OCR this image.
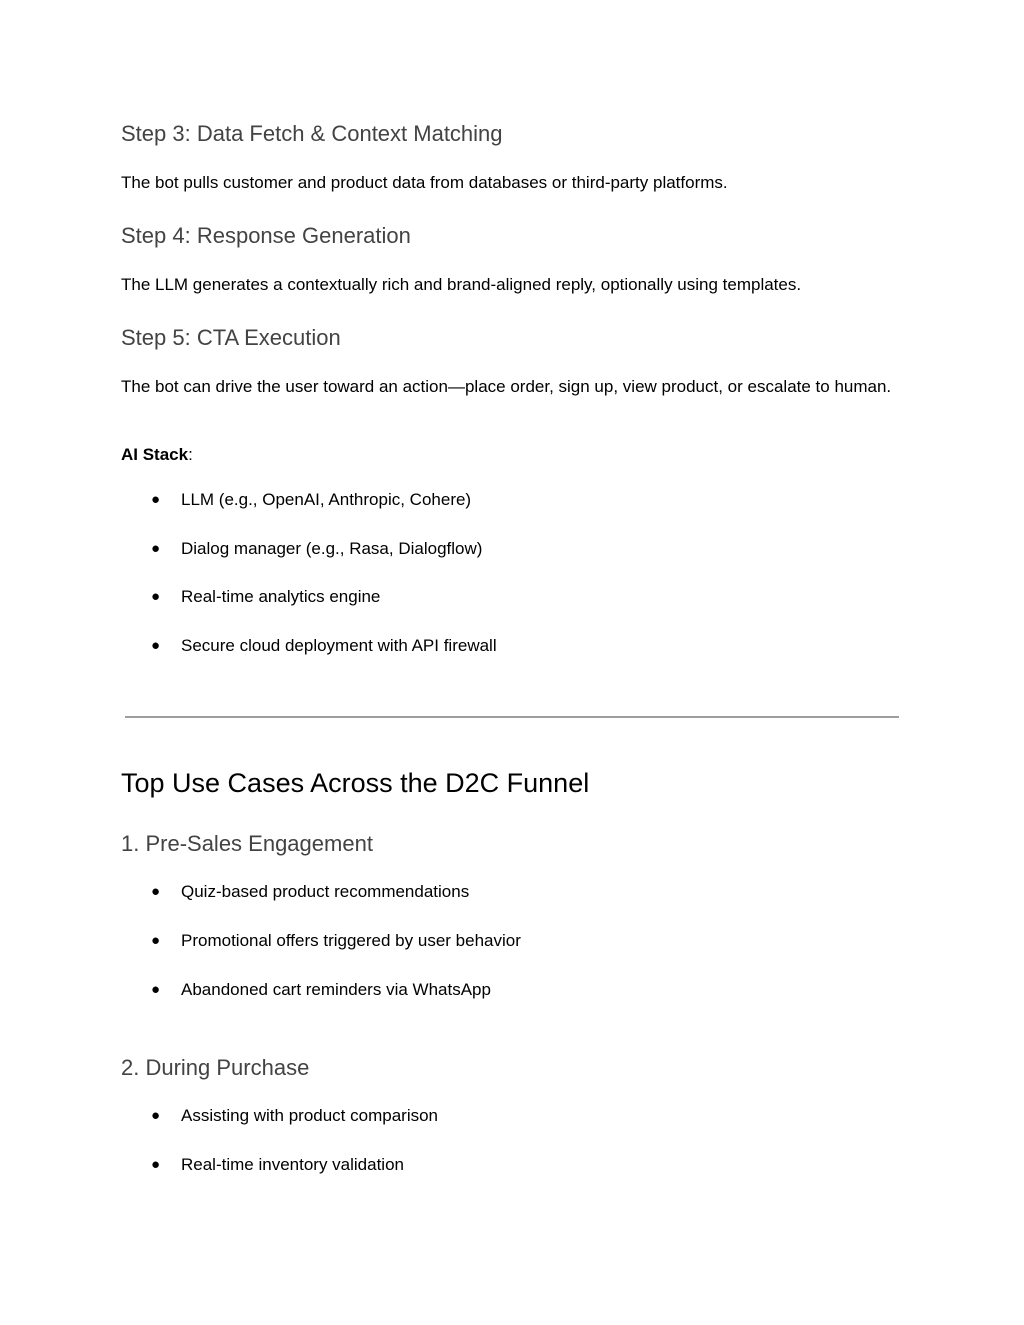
Step 3: Data Fetch & Context Matching
The bot pulls customer and product data from databases or third-party platforms.
Step 4: Response Generation
The LLM generates a contextually rich and brand-aligned reply, optionally using templates.
Step 5: CTA Execution
The bot can drive the user toward an action—place order, sign up, view product, or escalate to human.
AI Stack:
● LLM (e.g., OpenAI, Anthropic, Cohere)
● Dialog manager (e.g., Rasa, Dialogflow)
● Real-time analytics engine
● Secure cloud deployment with API firewall
Top Use Cases Across the D2C Funnel
1. Pre-Sales Engagement
● Quiz-based product recommendations
● Promotional offers triggered by user behavior
● Abandoned cart reminders via WhatsApp
2. During Purchase
● Assisting with product comparison
● Real-time inventory validation
